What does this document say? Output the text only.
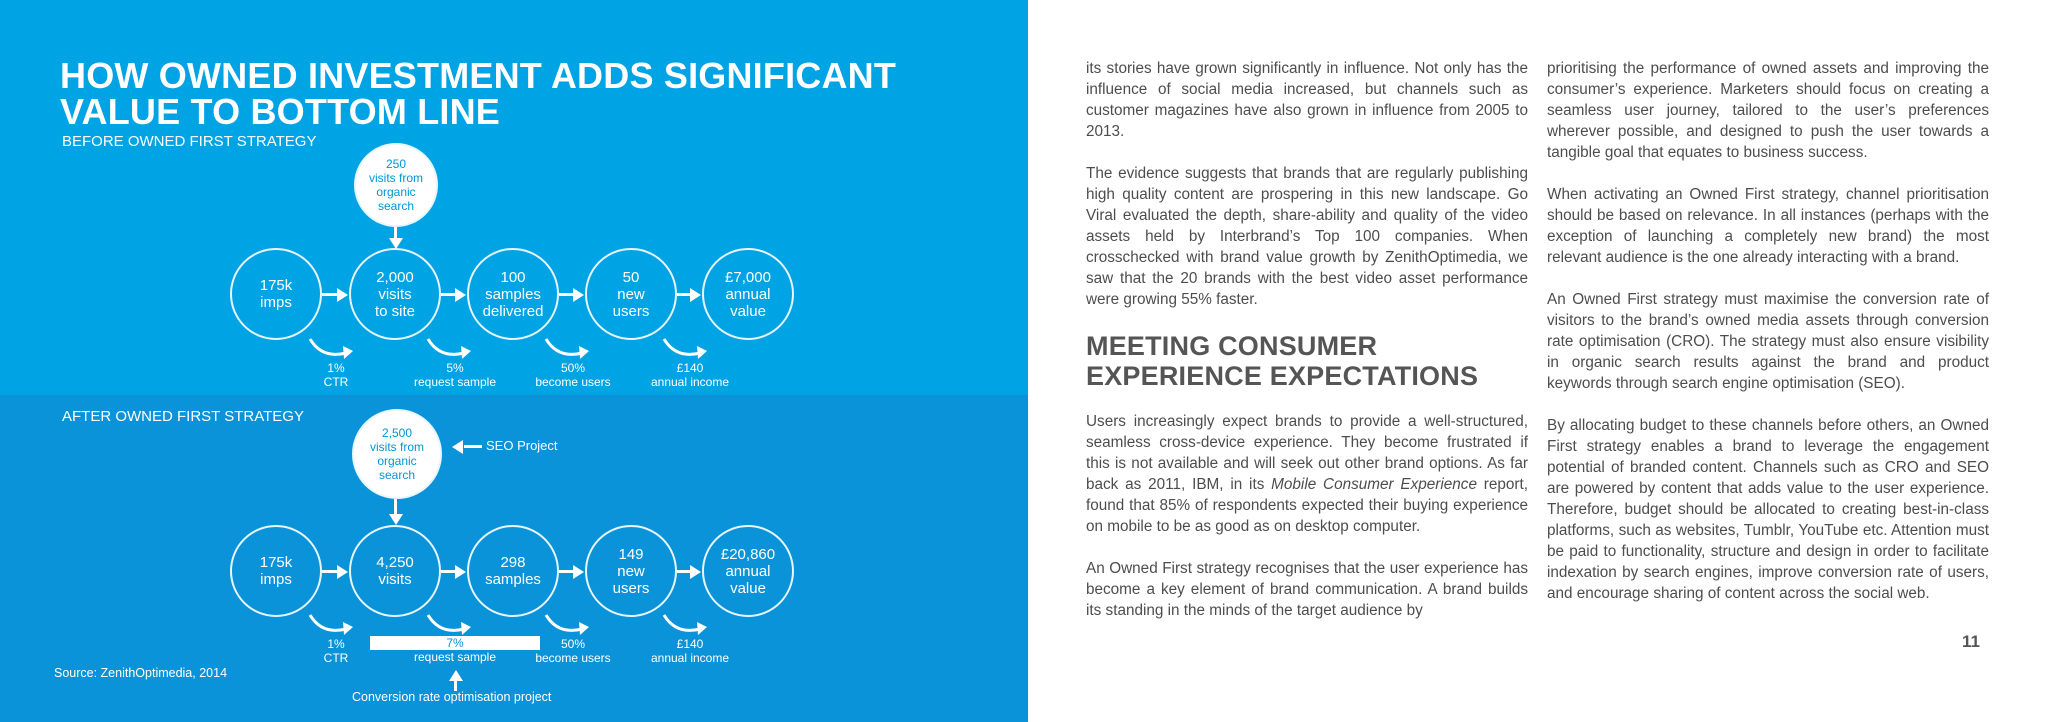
HOW OWNED INVESTMENT ADDS SIGNIFICANT
VALUE TO BOTTOM LINE
BEFORE OWNED FIRST STRATEGY
250
visits from
organic
search
175k
imps
2,000
visits
to site
100
samples
delivered
50
new
users
£7,000
annual
value
1%
CTR
5%
request sample
50%
become users
£140
annual income
AFTER OWNED FIRST STRATEGY
2,500
visits from
organic
search
SEO Project
175k
imps
4,250
visits
298
samples
149
new
users
£20,860
annual
value
1%
CTR
7%
request sample
50%
become users
£140
annual income
Source: ZenithOptimedia, 2014
Conversion rate optimisation project

its stories have grown significantly in influence. Not only has the influence of social media increased, but channels such as customer magazines have also grown in influence from 2005 to 2013.

The evidence suggests that brands that are regularly publishing high quality content are prospering in this new landscape. Go Viral evaluated the depth, share-ability and quality of the video assets held by Interbrand’s Top 100 companies. When crosschecked with brand value growth by ZenithOptimedia, we saw that the 20 brands with the best video asset performance were growing 55% faster.

MEETING CONSUMER
EXPERIENCE EXPECTATIONS

Users increasingly expect brands to provide a well-structured, seamless cross-device experience. They become frustrated if this is not available and will seek out other brand options. As far back as 2011, IBM, in its Mobile Consumer Experience report, found that 85% of respondents expected their buying experience on mobile to be as good as on desktop computer.

An Owned First strategy recognises that the user experience has become a key element of brand communication. A brand builds its standing in the minds of the target audience by

prioritising the performance of owned assets and improving the consumer’s experience. Marketers should focus on creating a seamless user journey, tailored to the user’s preferences wherever possible, and designed to push the user towards a tangible goal that equates to business success.

When activating an Owned First strategy, channel prioritisation should be based on relevance. In all instances (perhaps with the exception of launching a completely new brand) the most relevant audience is the one already interacting with a brand.

An Owned First strategy must maximise the conversion rate of visitors to the brand’s owned media assets through conversion rate optimisation (CRO). The strategy must also ensure visibility in organic search results against the brand and product keywords through search engine optimisation (SEO).

By allocating budget to these channels before others, an Owned First strategy enables a brand to leverage the engagement potential of branded content. Channels such as CRO and SEO are powered by content that adds value to the user experience. Therefore, budget should be allocated to creating best-in-class platforms, such as websites, Tumblr, YouTube etc. Attention must be paid to functionality, structure and design in order to facilitate indexation by search engines, improve conversion rate of users, and encourage sharing of content across the social web.

11
